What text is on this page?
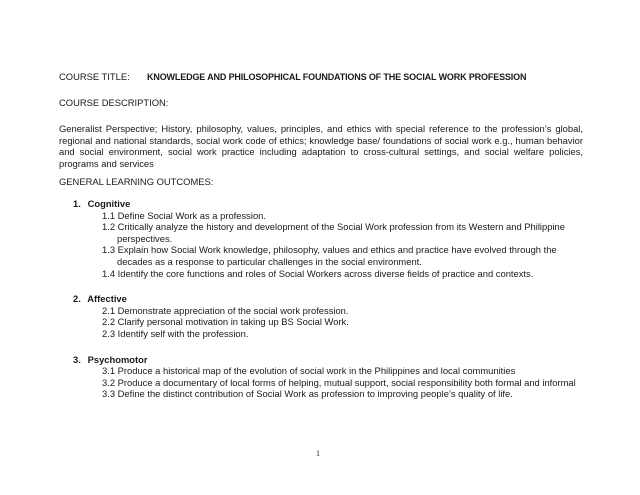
COURSE TITLE: KNOWLEDGE AND PHILOSOPHICAL FOUNDATIONS OF THE SOCIAL WORK PROFESSION
COURSE DESCRIPTION:
Generalist Perspective; History, philosophy, values, principles, and ethics with special reference to the profession’s global, regional and national standards, social work code of ethics; knowledge base/ foundations of social work e.g., human behavior and social environment, social work practice including adaptation to cross-cultural settings, and social welfare policies, programs and services
GENERAL LEARNING OUTCOMES:
1. Cognitive
1.1 Define Social Work as a profession.
1.2 Critically analyze the history and development of the Social Work profession from its Western and Philippine perspectives.
1.3 Explain how Social Work knowledge, philosophy, values and ethics and practice have evolved through the decades as a response to particular challenges in the social environment.
1.4 Identify the core functions and roles of Social Workers across diverse fields of practice and contexts.
2. Affective
2.1 Demonstrate appreciation of the social work profession.
2.2 Clarify personal motivation in taking up BS Social Work.
2.3 Identify self with the profession.
3. Psychomotor
3.1 Produce a historical map of the evolution of social work in the Philippines and local communities
3.2 Produce a documentary of local forms of helping, mutual support, social responsibility both formal and informal
3.3 Define the distinct contribution of Social Work as profession to improving people’s quality of life.
1
